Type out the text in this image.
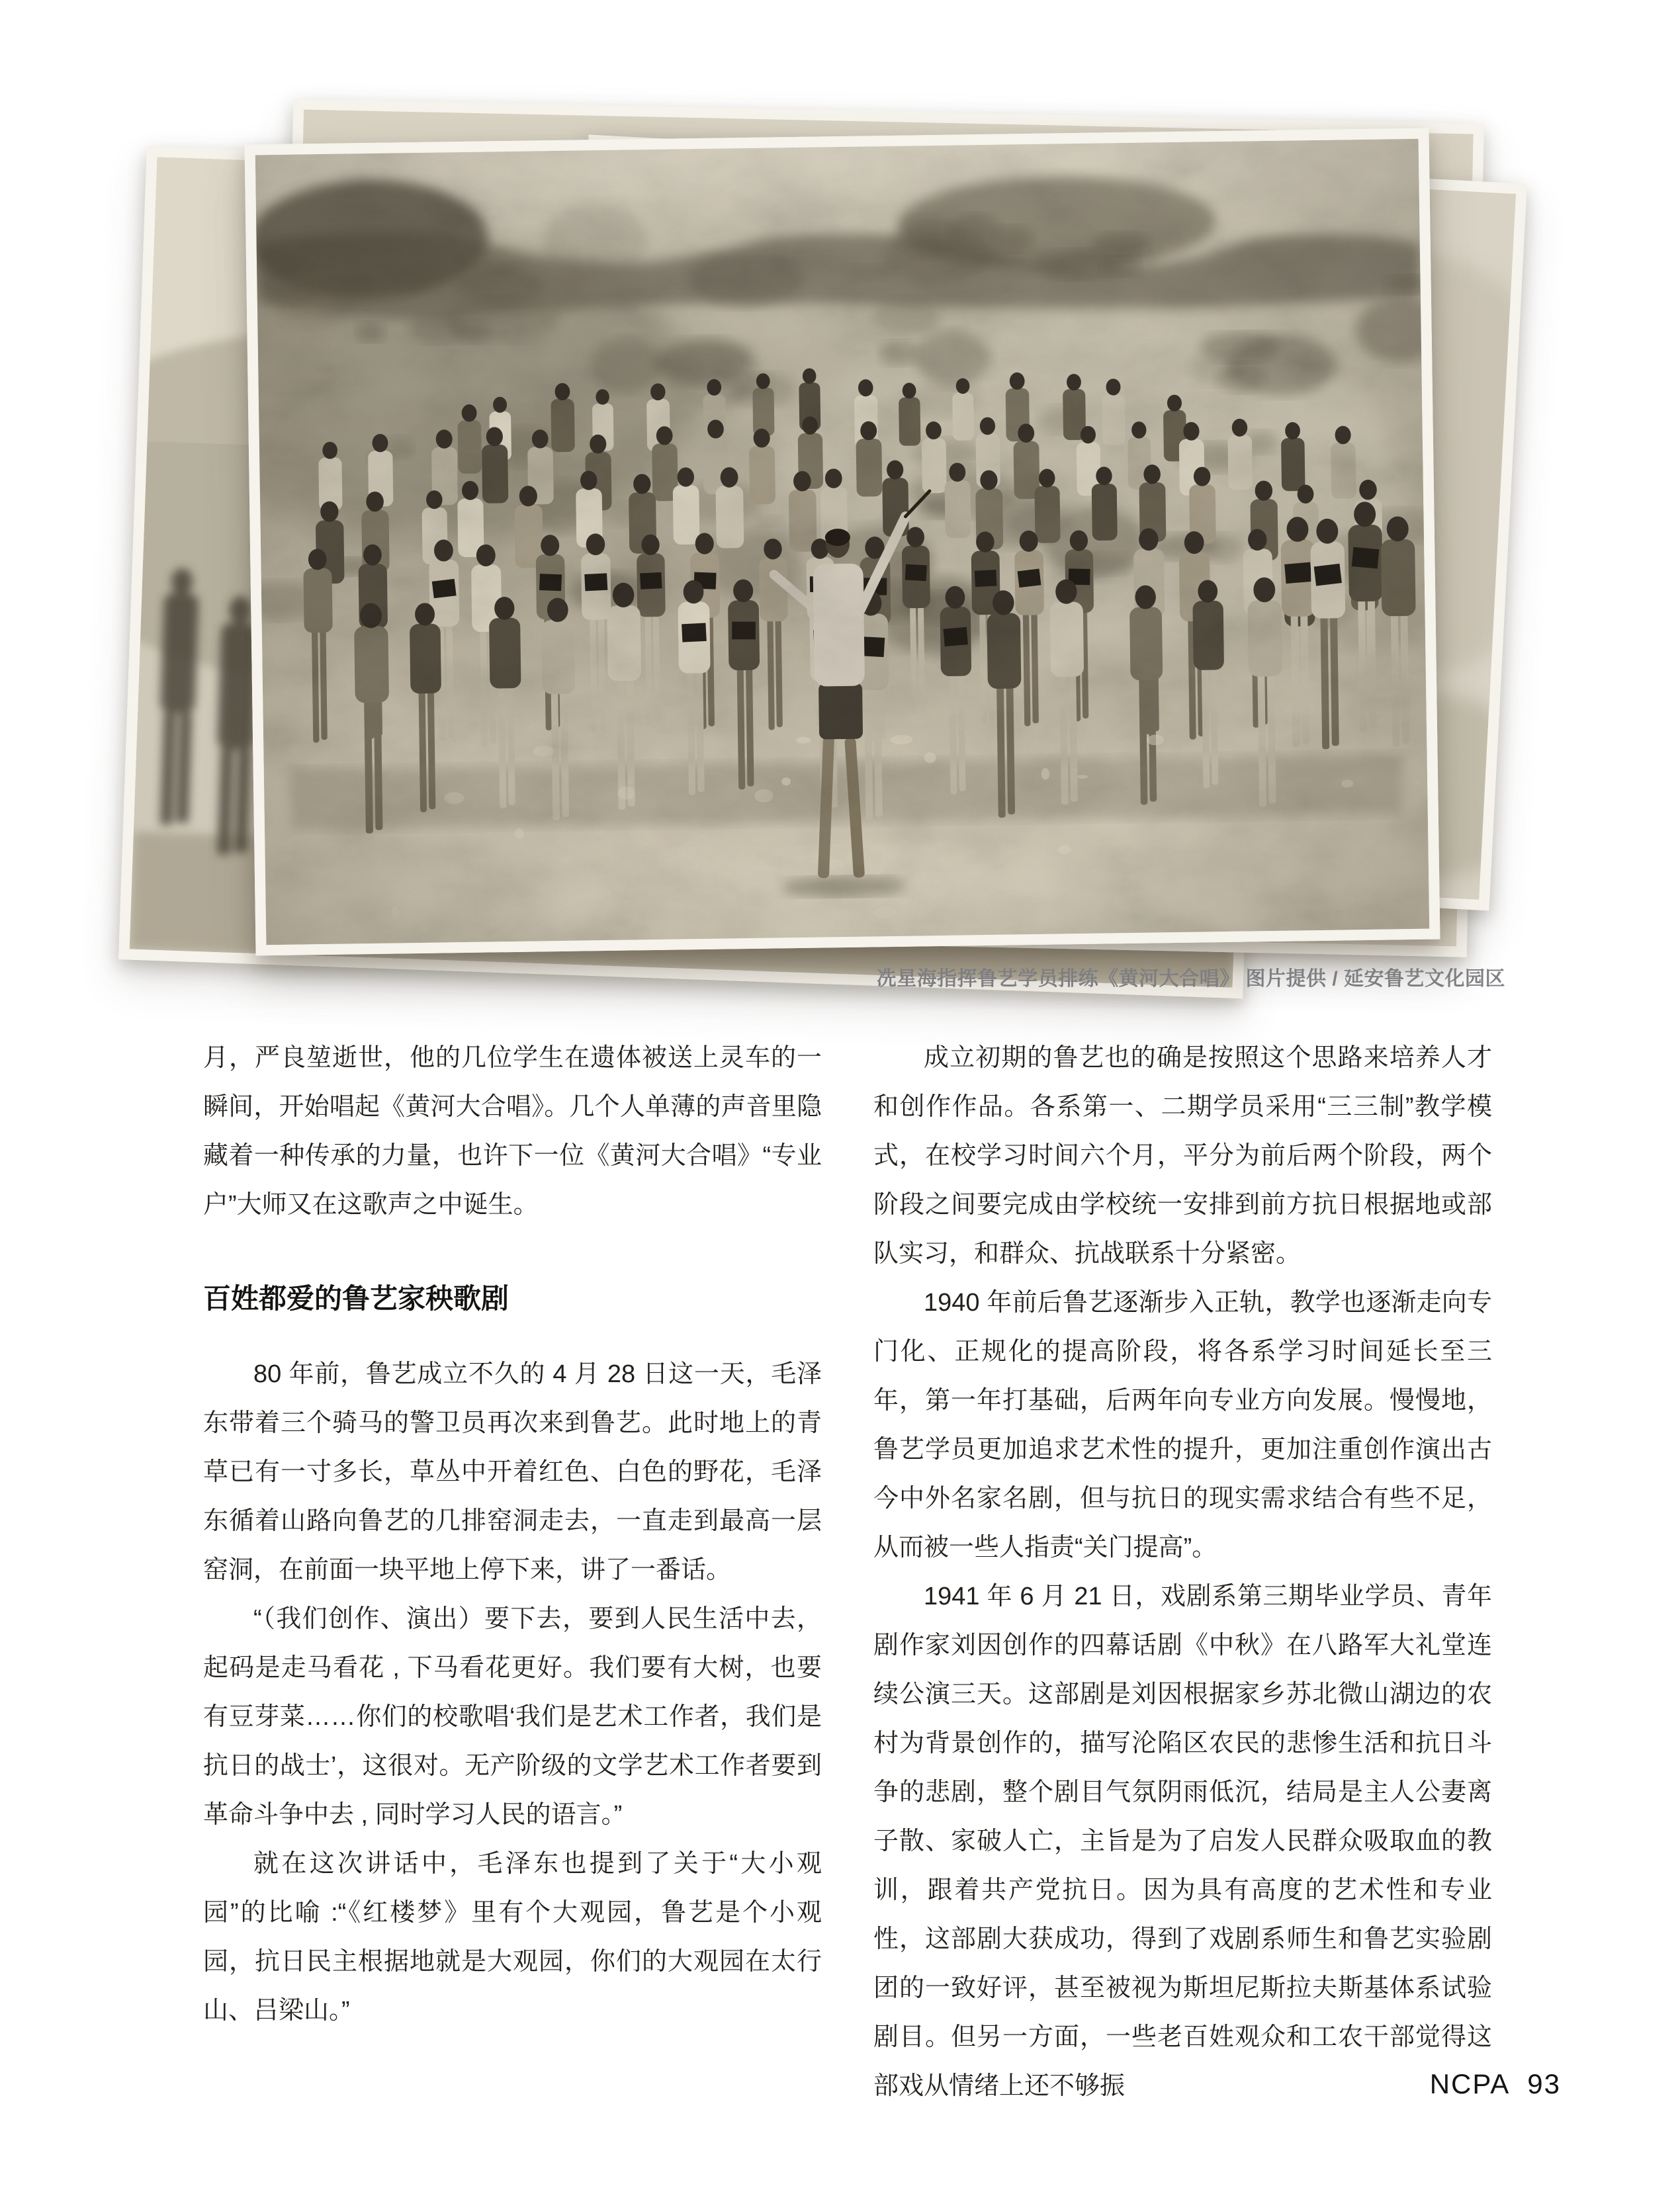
冼星海指挥鲁艺学员排练《黄河大合唱》 图片提供 / 延安鲁艺文化园区

月，严良堃逝世，他的几位学生在遗体被送上灵车的一瞬间，开始唱起《黄河大合唱》。几个人单薄的声音里隐藏着一种传承的力量，也许下一位《黄河大合唱》“专业户”大师又在这歌声之中诞生。

百姓都爱的鲁艺家秧歌剧

80 年前，鲁艺成立不久的 4 月 28 日这一天，毛泽东带着三个骑马的警卫员再次来到鲁艺。此时地上的青草已有一寸多长，草丛中开着红色、白色的野花，毛泽东循着山路向鲁艺的几排窑洞走去，一直走到最高一层窑洞，在前面一块平地上停下来，讲了一番话。

“（我们创作、演出）要下去，要到人民生活中去，起码是走马看花 , 下马看花更好。我们要有大树，也要有豆芽菜……你们的校歌唱‘我们是艺术工作者，我们是抗日的战士’，这很对。无产阶级的文学艺术工作者要到革命斗争中去 , 同时学习人民的语言。”

就在这次讲话中，毛泽东也提到了关于“大小观园”的比喻 :“《红楼梦》里有个大观园，鲁艺是个小观园，抗日民主根据地就是大观园，你们的大观园在太行山、吕梁山。”

成立初期的鲁艺也的确是按照这个思路来培养人才和创作作品。各系第一、二期学员采用“三三制”教学模式，在校学习时间六个月，平分为前后两个阶段，两个阶段之间要完成由学校统一安排到前方抗日根据地或部队实习，和群众、抗战联系十分紧密。

1940 年前后鲁艺逐渐步入正轨，教学也逐渐走向专门化、正规化的提高阶段，将各系学习时间延长至三年，第一年打基础，后两年向专业方向发展。慢慢地，鲁艺学员更加追求艺术性的提升，更加注重创作演出古今中外名家名剧，但与抗日的现实需求结合有些不足，从而被一些人指责“关门提高”。

1941 年 6 月 21 日，戏剧系第三期毕业学员、青年剧作家刘因创作的四幕话剧《中秋》在八路军大礼堂连续公演三天。这部剧是刘因根据家乡苏北微山湖边的农村为背景创作的，描写沦陷区农民的悲惨生活和抗日斗争的悲剧，整个剧目气氛阴雨低沉，结局是主人公妻离子散、家破人亡，主旨是为了启发人民群众吸取血的教训，跟着共产党抗日。因为具有高度的艺术性和专业性，这部剧大获成功，得到了戏剧系师生和鲁艺实验剧团的一致好评，甚至被视为斯坦尼斯拉夫斯基体系试验剧目。但另一方面，一些老百姓观众和工农干部觉得这部戏从情绪上还不够振	NCPA 93
